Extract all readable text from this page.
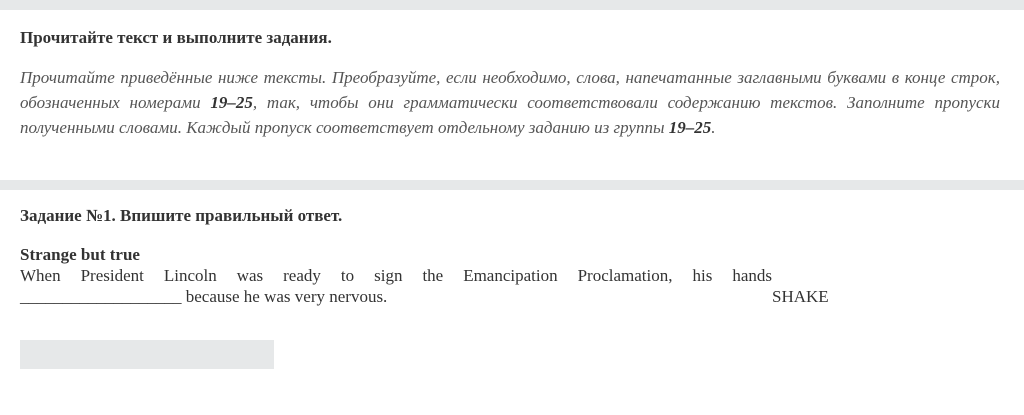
Прочитайте текст и выполните задания.
Прочитайте приведённые ниже тексты. Преобразуйте, если необходимо, слова, напечатанные заглавными буквами в конце строк, обозначенных номерами 19–25, так, чтобы они грамматически соответствовали содержанию текстов. Заполните пропуски полученными словами. Каждый пропуск соответствует отдельному заданию из группы 19–25.
Задание №1. Впишите правильный ответ.
Strange but true
When President Lincoln was ready to sign the Emancipation Proclamation, his hands
___________________ because he was very nervous.	SHAKE
